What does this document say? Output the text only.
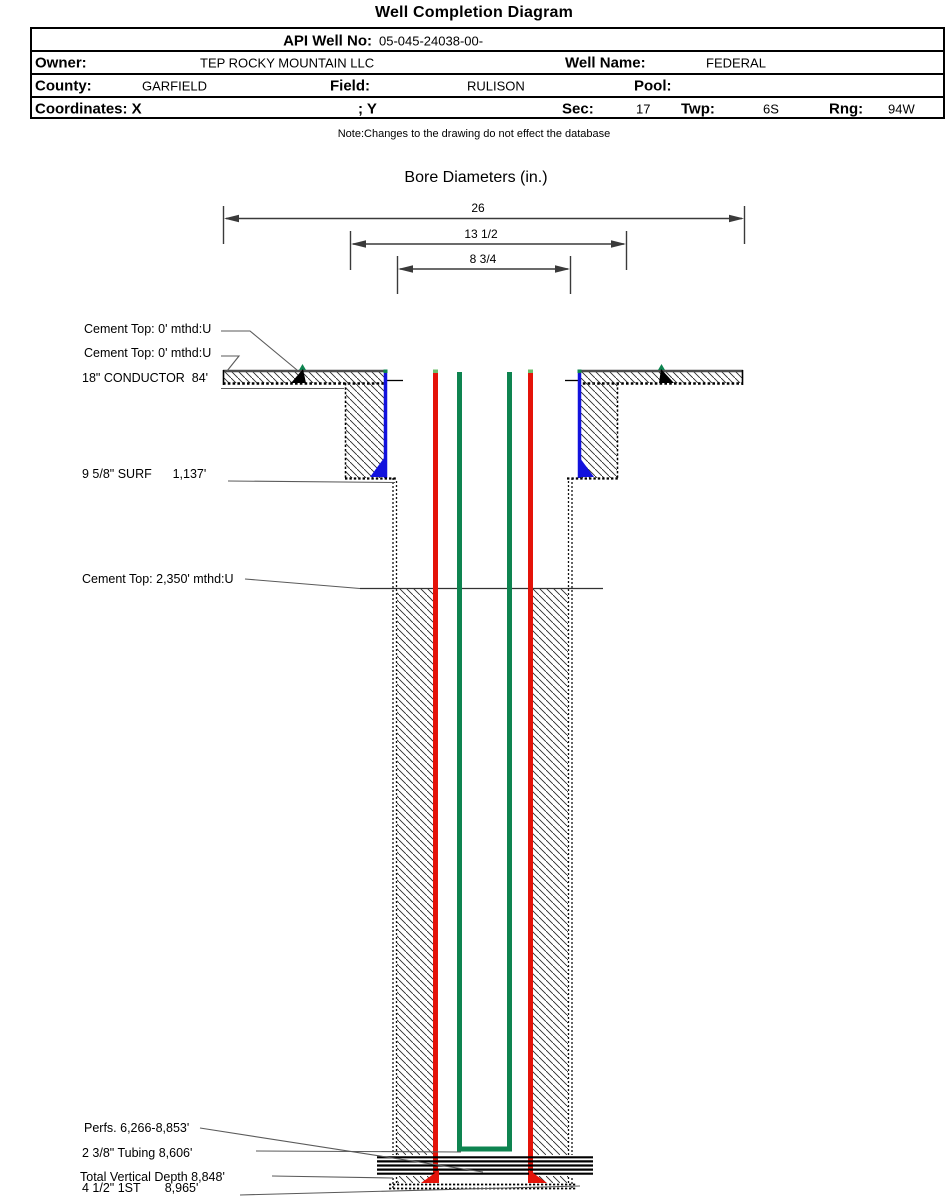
Well Completion Diagram
API Well No: 05-045-24038-00-
Owner:	TEP ROCKY MOUNTAIN LLC	Well Name:	FEDERAL
County:	GARFIELD	Field:	RULISON	Pool:
Coordinates: X	; Y	Sec:	17 Twp:	6S	Rng: 94W
Note:Changes to the drawing do not effect the database
Bore Diameters (in.)
26
13 1/2
8 3/4
Cement Top: 0' mthd:U
Cement Top: 0' mthd:U
18" CONDUCTOR  84'
9 5/8" SURF      1,137'
Cement Top: 2,350' mthd:U
Perfs. 6,266-8,853'
2 3/8" Tubing 8,606'
Total Vertical Depth 8,848'
4 1/2" 1ST       8,965'
